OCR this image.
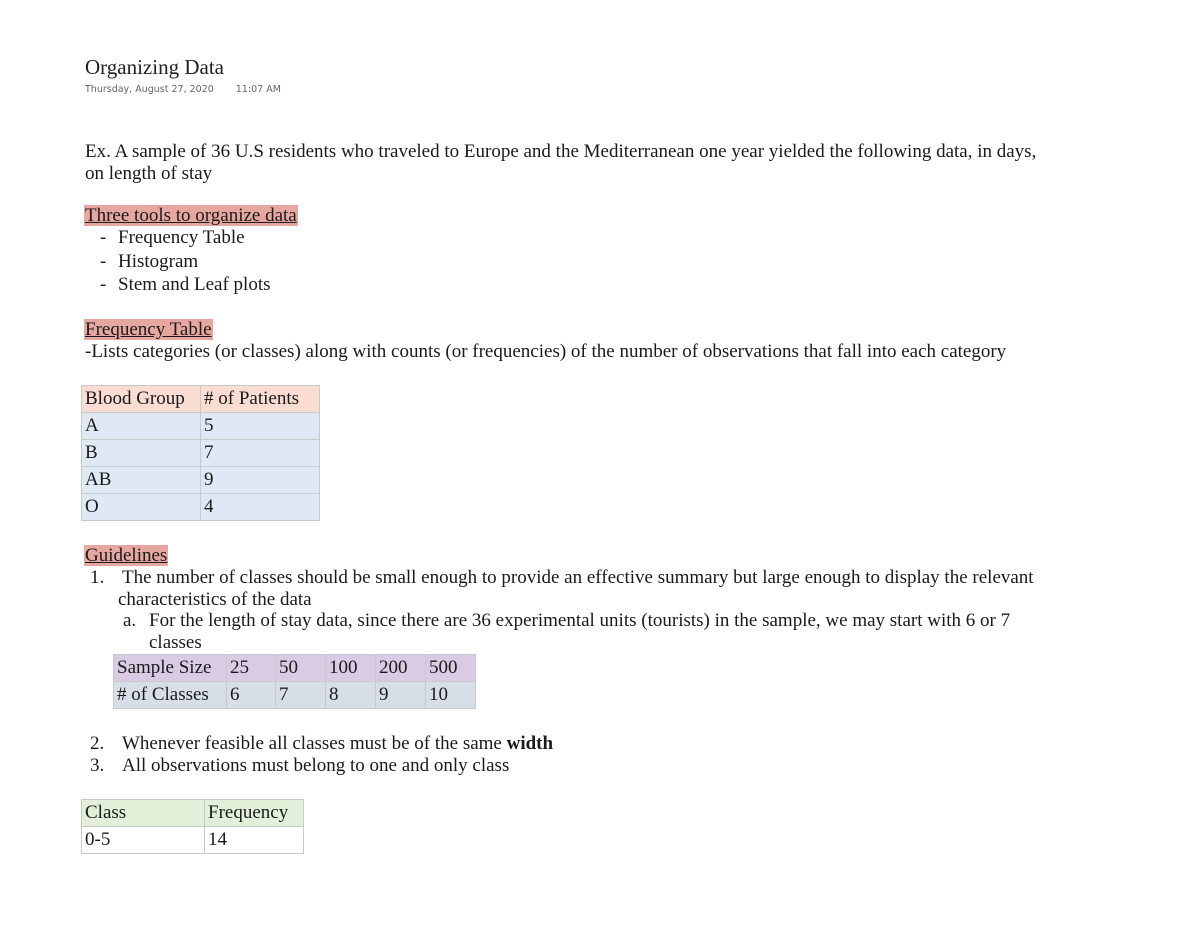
Organizing Data
Thursday, August 27, 2020 11:07 AM
Ex. A sample of 36 U.S residents who traveled to Europe and the Mediterranean one year yielded the following data, in days,
on length of stay
Three tools to organize data
- Frequency Table
- Histogram
- Stem and Leaf plots
Frequency Table
-Lists categories (or classes) along with counts (or frequencies) of the number of observations that fall into each category
Blood Group	# of Patients
A	5
B	7
AB	9
O	4
Guidelines
1. The number of classes should be small enough to provide an effective summary but large enough to display the relevant
characteristics of the data
a. For the length of stay data, since there are 36 experimental units (tourists) in the sample, we may start with 6 or 7
classes
Sample Size	25	50	100	200	500
# of Classes	6	7	8	9	10
2. Whenever feasible all classes must be of the same width
3. All observations must belong to one and only class
Class	Frequency
0-5	14
